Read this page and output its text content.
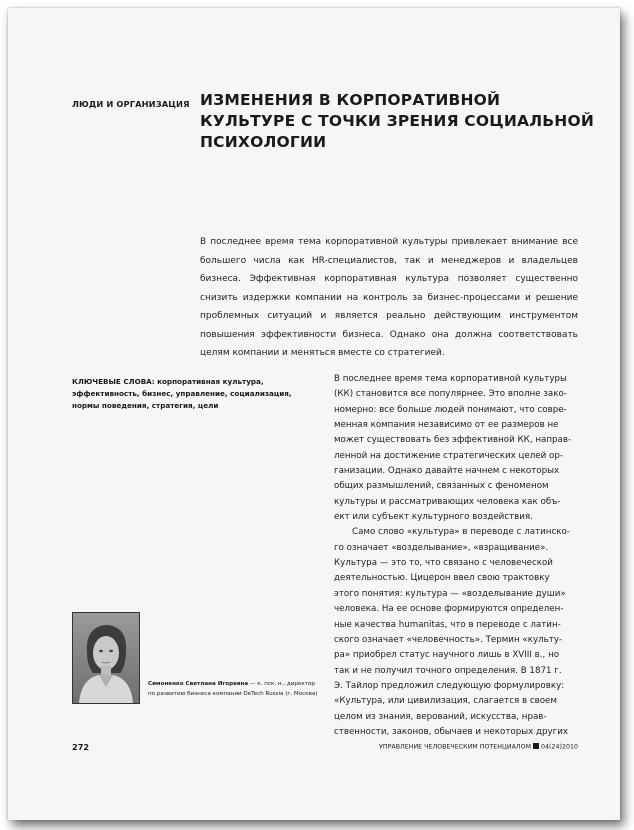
ЛЮДИ И ОРГАНИЗАЦИЯ ИЗМЕНЕНИЯ В КОРПОРАТИВНОЙ
КУЛЬТУРЕ С ТОЧКИ ЗРЕНИЯ СОЦИАЛЬНОЙ
ПСИХОЛОГИИ
В последнее время тема корпоративной культуры привлекает внимание все большего числа как HR-специалистов, так и менеджеров и владельцев бизнеса. Эффективная корпоративная культура позволяет существенно снизить издержки компании на контроль за бизнес-процессами и решение проблемных ситуаций и является реально действующим инструментом повышения эффективности бизнеса. Однако она должна соответствовать целям компании и меняться вместе со стратегией.
КЛЮЧЕВЫЕ СЛОВА: корпоративная культура, эффективность, бизнес, управление, социализация, нормы поведения, стратегия, цели
В последнее время тема корпоративной культуры
(КК) становится все популярнее. Это вполне зако-
номерно: все больше людей понимают, что совре-
менная компания независимо от ее размеров не
может существовать без эффективной КК, направ-
ленной на достижение стратегических целей ор-
ганизации. Однако давайте начнем с некоторых
общих размышлений, связанных с феноменом
культуры и рассматривающих человека как объ-
ект или субъект культурного воздействия.
Само слово «культура» в переводе с латинско-
го означает «возделывание», «взращивание».
Культура — это то, что связано с человеческой
деятельностью. Цицерон ввел свою трактовку
этого понятия: культура — «возделывание души»
человека. На ее основе формируются определен-
ные качества humanitas, что в переводе с латин-
ского означает «человечность». Термин «культу-
ра» приобрел статус научного лишь в XVIII в., но
так и не получил точного определения. В 1871 г.
Э. Тайлор предложил следующую формулировку:
«Культура, или цивилизация, слагается в своем
целом из знания, верований, искусства, нрав-
ственности, законов, обычаев и некоторых других
Симоненко Светлана Игоревна — к. пск. н., директор
по развитию бизнеса компании DeTech Russia (г. Москва)
272	УПРАВЛЕНИЕ ЧЕЛОВЕЧЕСКИМ ПОТЕНЦИАЛОМ 04(24)2010
